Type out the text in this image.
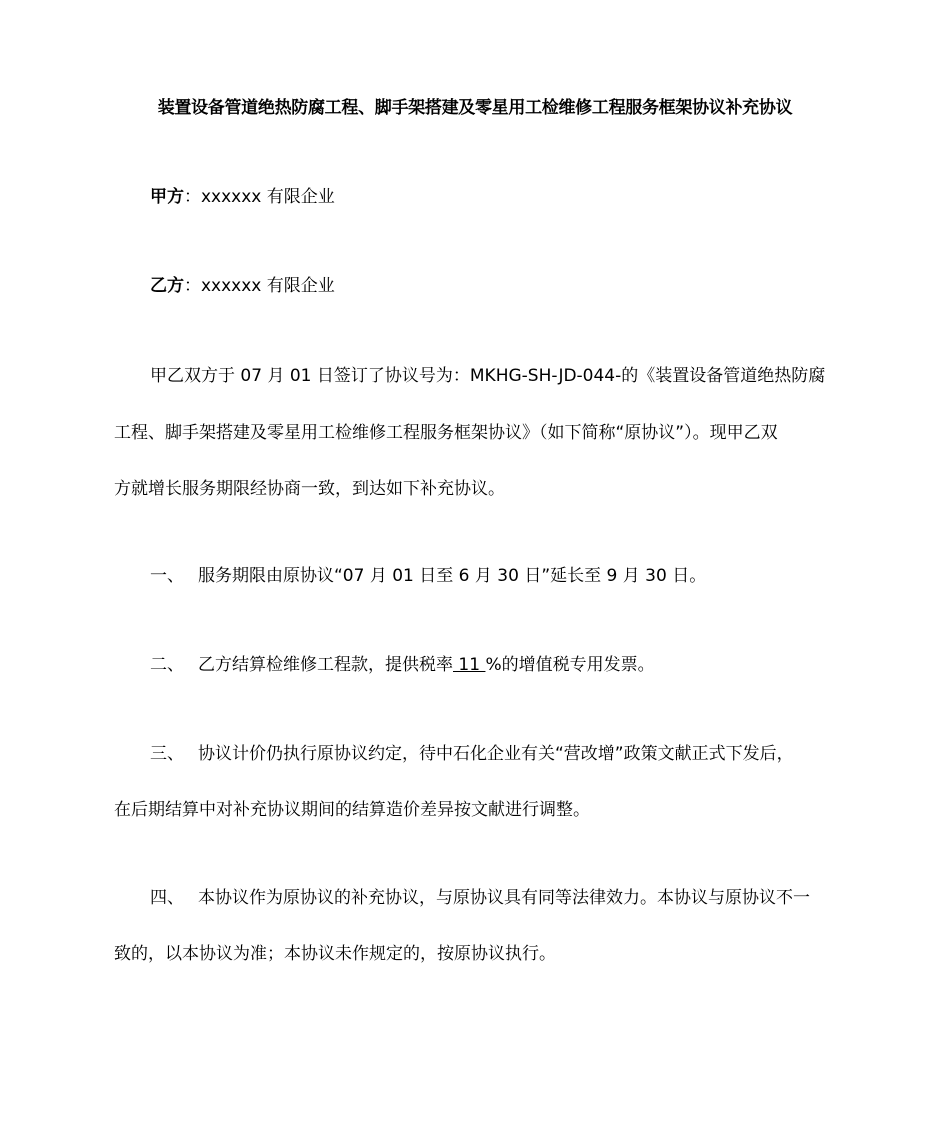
装置设备管道绝热防腐工程、脚手架搭建及零星用工检维修工程服务框架协议补充协议
甲方：xxxxxx 有限企业
乙方：xxxxxx 有限企业
甲乙双方于 07 月 01 日签订了协议号为：MKHG-SH-JD-044-的《装置设备管道绝热防腐
工程、脚手架搭建及零星用工检维修工程服务框架协议》（如下简称“原协议”）。现甲乙双
方就增长服务期限经协商一致，到达如下补充协议。
一、 服务期限由原协议“07 月 01 日至 6 月 30 日”延长至 9 月 30 日。
二、 乙方结算检维修工程款，提供税率 11 %的增值税专用发票。
三、 协议计价仍执行原协议约定，待中石化企业有关“营改增”政策文献正式下发后，
在后期结算中对补充协议期间的结算造价差异按文献进行调整。
四、 本协议作为原协议的补充协议，与原协议具有同等法律效力。本协议与原协议不一
致的，以本协议为准；本协议未作规定的，按原协议执行。
